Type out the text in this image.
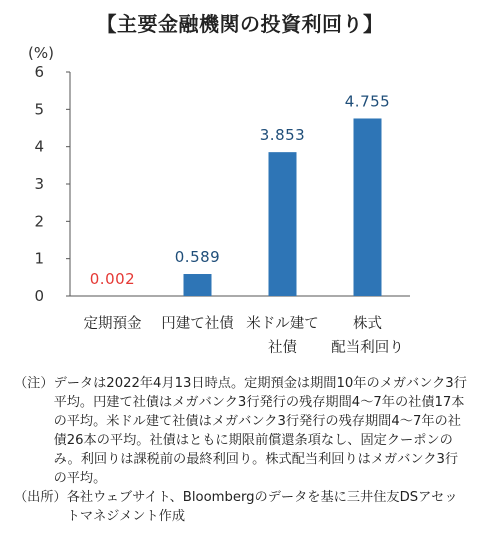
【主要金融機関の投資利回り】
(%)
0
1
2
3
4
5
6
0.002
定期預金
0.589
円建て社債
3.853
米ドル建て
社債
4.755
株式
配当利回り
（注） データは2022年4月13日時点。定期預金は期間10年のメガバンク3行平均。円建て社債はメガバンク3行発行の残存期間4～7年の社債17本の平均。米ドル建て社債はメガバンク3行発行の残存期間4～7年の社債26本の平均。社債はともに期限前償還条項なし、固定クーポンのみ。利回りは課税前の最終利回り。株式配当利回りはメガバンク3行の平均。
（出所） 各社ウェブサイト、Bloombergのデータを基に三井住友DSアセットマネジメント作成
